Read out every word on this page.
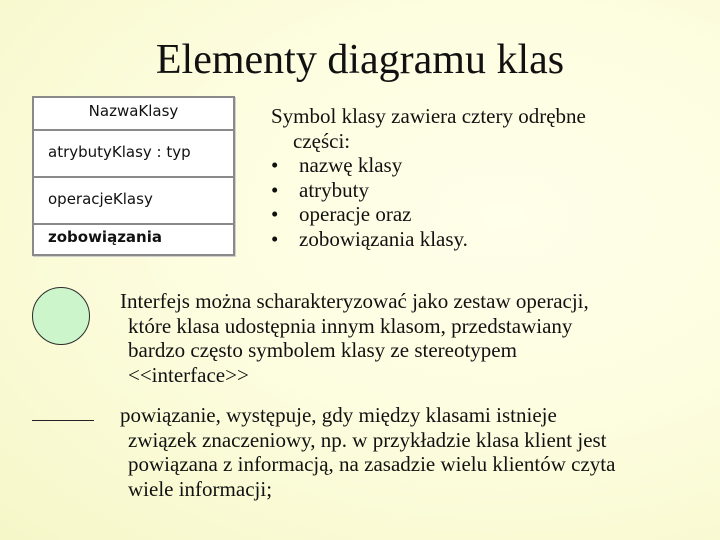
Elementy diagramu klas
NazwaKlasy
atrybutyKlasy : typ
operacjeKlasy
zobowiązania
Symbol klasy zawiera cztery odrębne
części:
• nazwę klasy
• atrybuty
• operacje oraz
• zobowiązania klasy.
Interfejs można scharakteryzować jako zestaw operacji,
które klasa udostępnia innym klasom, przedstawiany
bardzo często symbolem klasy ze stereotypem
<<interface>>
powiązanie, występuje, gdy między klasami istnieje
związek znaczeniowy, np. w przykładzie klasa klient jest
powiązana z informacją, na zasadzie wielu klientów czyta
wiele informacji;
